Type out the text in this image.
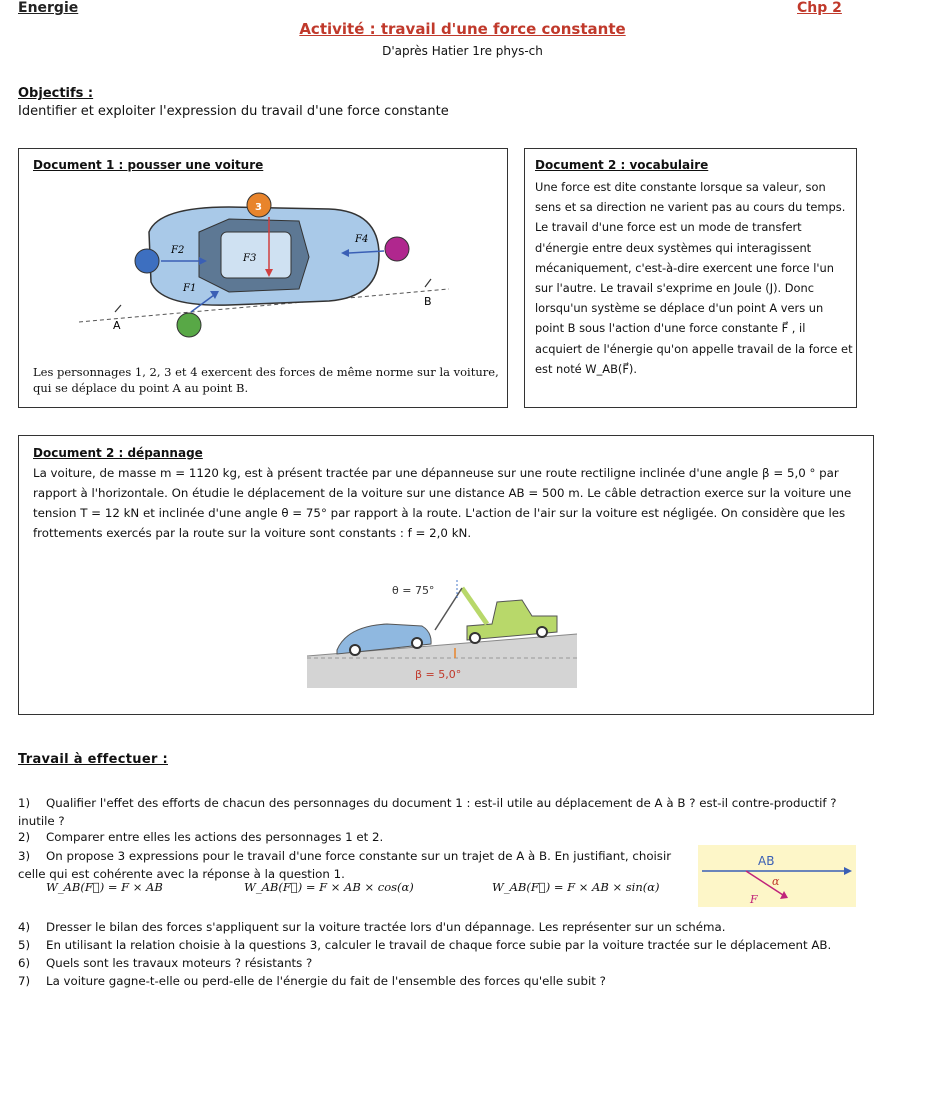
Energie	Chp 2
Activité : travail d'une force constante
D'après Hatier 1re phys-ch
Objectifs :
Identifier et exploiter l'expression du travail d'une force constante
Document 1 : pousser une voiture
A
B
3
2
4
1
F2
F3
F4
F1
Les personnages 1, 2, 3 et 4 exercent des forces de même norme sur la voiture, qui se déplace du point A au point B.
Document 2 : vocabulaire
Une force est dite constante lorsque sa valeur, son sens et sa direction ne varient pas au cours du temps. Le travail d'une force est un mode de transfert d'énergie entre deux systèmes qui interagissent mécaniquement, c'est-à-dire exercent une force l'un sur l'autre. Le travail s'exprime en Joule (J). Donc lorsqu'un système se déplace d'un point A vers un point B sous l'action d'une force constante F⃗ , il acquiert de l'énergie qu'on appelle travail de la force et est noté W_AB(F⃗).
Document 2 : dépannage
La voiture, de masse m = 1120 kg, est à présent tractée par une dépanneuse sur une route rectiligne inclinée d'une angle β = 5,0 ° par rapport à l'horizontale. On étudie le déplacement de la voiture sur une distance AB = 500 m. Le câble detraction exerce sur la voiture une tension T = 12 kN et inclinée d'une angle θ = 75° par rapport à la route. L'action de l'air sur la voiture est négligée. On considère que les frottements exercés par la route sur la voiture sont constants : f = 2,0 kN.
θ = 75°
β = 5,0°
Travail à effectuer :
1) Qualifier l'effet des efforts de chacun des personnages du document 1 : est-il utile au déplacement de A à B ? est-il contre-productif ? inutile ?
2) Comparer entre elles les actions des personnages 1 et 2.
3) On propose 3 expressions pour le travail d'une force constante sur un trajet de A à B. En justifiant, choisir celle qui est cohérente avec la réponse à la question 1.
W_AB(F⃗) = F × AB	W_AB(F⃗) = F × AB × cos(α)	W_AB(F⃗) = F × AB × sin(α)
AB
α
F
4) Dresser le bilan des forces s'appliquent sur la voiture tractée lors d'un dépannage. Les représenter sur un schéma.
5) En utilisant la relation choisie à la questions 3, calculer le travail de chaque force subie par la voiture tractée sur le déplacement AB.
6) Quels sont les travaux moteurs ? résistants ?
7) La voiture gagne-t-elle ou perd-elle de l'énergie du fait de l'ensemble des forces qu'elle subit ?
